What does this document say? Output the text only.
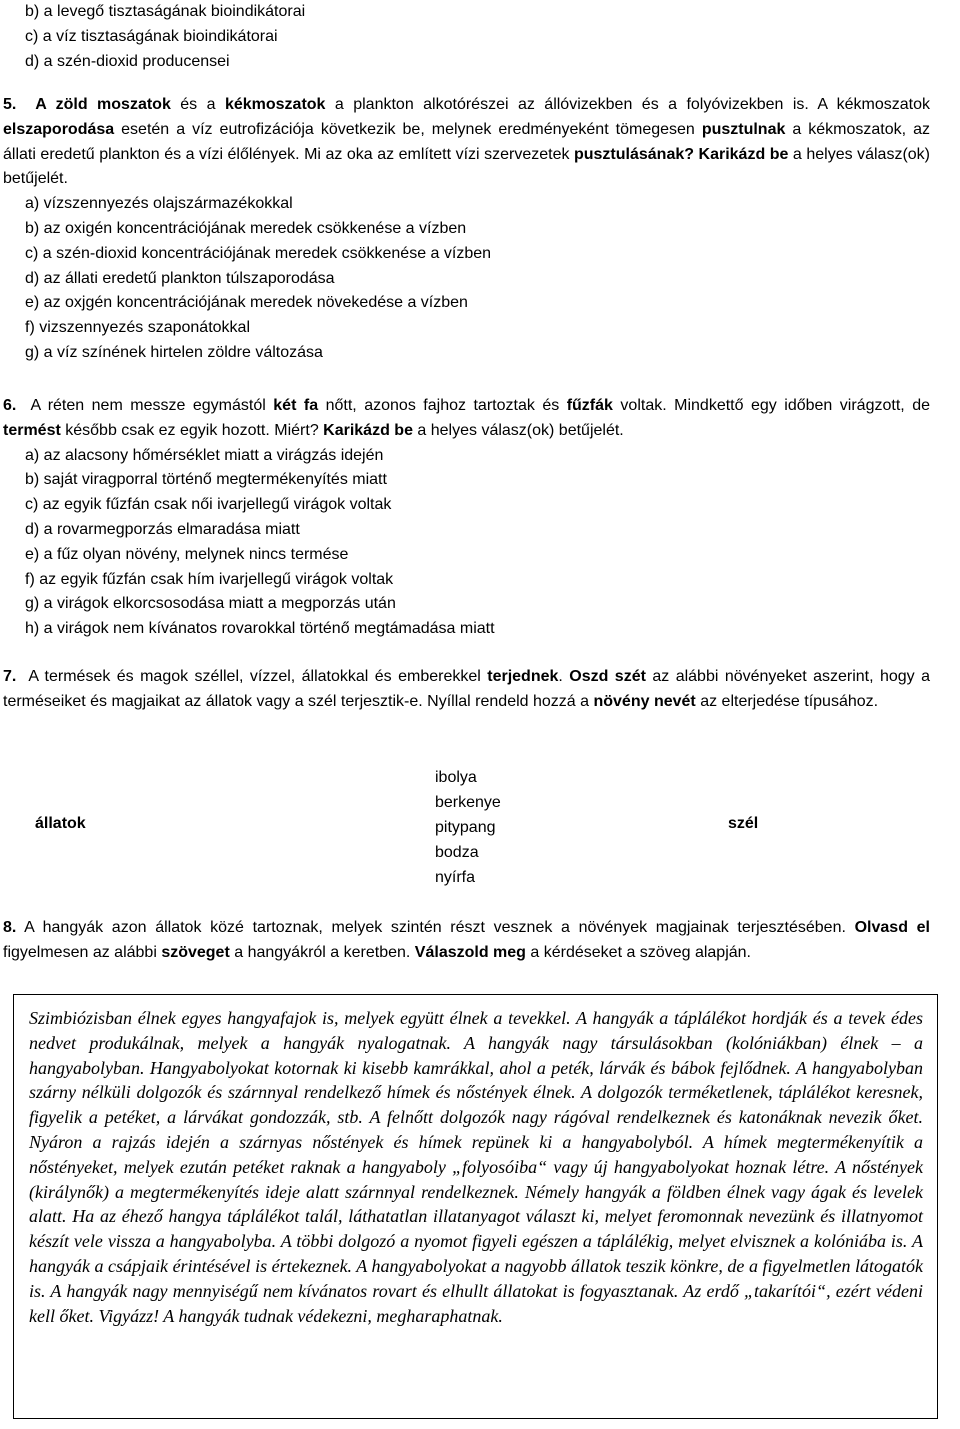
b) a levegő tisztaságának bioindikátorai
c) a víz tisztaságának bioindikátorai
d) a szén-dioxid producensei

5. A zöld moszatok és a kékmoszatok a plankton alkotórészei az állóvizekben és a folyóvizekben is. A kékmoszatok elszaporodása esetén a víz eutrofizációja következik be, melynek eredményeként tömegesen pusztulnak a kékmoszatok, az állati eredetű plankton és a vízi élőlények. Mi az oka az említett vízi szervezetek pusztulásának? Karikázd be a helyes válasz(ok) betűjelét.

a) vízszennyezés olajszármazékokkal
b) az oxigén koncentrációjának meredek csökkenése a vízben
c) a szén-dioxid koncentrációjának meredek csökkenése a vízben
d) az állati eredetű plankton túlszaporodása
e) az oxjgén koncentrációjának meredek növekedése a vízben
f) vizszennyezés szaponátokkal
g) a víz színének hirtelen zöldre változása

6. A réten nem messze egymástól két fa nőtt, azonos fajhoz tartoztak és fűzfák voltak. Mindkettő egy időben virágzott, de termést később csak ez egyik hozott. Miért? Karikázd be a helyes válasz(ok) betűjelét.

a) az alacsony hőmérséklet miatt a virágzás idején
b) saját viragporral történő megtermékenyítés miatt
c) az egyik fűzfán csak női ivarjellegű virágok voltak
d) a rovarmegporzás elmaradása miatt
e) a fűz olyan növény, melynek nincs termése
f) az egyik fűzfán csak hím ivarjellegű virágok voltak
g) a virágok elkorcsosodása miatt a megporzás után
h) a virágok nem kívánatos rovarokkal történő megtámadása miatt

7. A termések és magok széllel, vízzel, állatokkal és emberekkel terjednek. Oszd szét az alábbi növényeket aszerint, hogy a terméseiket és magjaikat az állatok vagy a szél terjesztik-e. Nyíllal rendeld hozzá a növény nevét az elterjedése típusához.

állatok
ibolya
berkenye
pitypang
bodza
nyírfa
szél

8. A hangyák azon állatok közé tartoznak, melyek szintén részt vesznek a növények magjainak terjesztésében. Olvasd el figyelmesen az alábbi szöveget a hangyákról a keretben. Válaszold meg a kérdéseket a szöveg alapján.

Szimbiózisban élnek egyes hangyafajok is, melyek együtt élnek a tevekkel. A hangyák a táplálékot hordják és a tevek édes nedvet produkálnak, melyek a hangyák nyalogatnak. A hangyák nagy társulásokban (kolóniákban) élnek – a hangyabolyban. Hangyabolyokat kotornak ki kisebb kamrákkal, ahol a peték, lárvák és bábok fejlődnek. A hangyabolyban szárny nélküli dolgozók és szárnnyal rendelkező hímek és nőstények élnek. A dolgozók terméketlenek, táplálékot keresnek, figyelik a petéket, a lárvákat gondozzák, stb. A felnőtt dolgozók nagy rágóval rendelkeznek és katonáknak nevezik őket. Nyáron a rajzás idején a szárnyas nőstények és hímek repünek ki a hangyabolyból. A hímek megtermékenyítik a nőstényeket, melyek ezután petéket raknak a hangyaboly „folyosóiba“ vagy új hangyabolyokat hoznak létre. A nőstények (királynők) a megtermékenyítés ideje alatt szárnnyal rendelkeznek. Némely hangyák a földben élnek vagy ágak és levelek alatt. Ha az éhező hangya táplálékot talál, láthatatlan illatanyagot választ ki, melyet feromonnak nevezünk és illatnyomot készít vele vissza a hangyabolyba. A többi dolgozó a nyomot figyeli egészen a táplálékig, melyet elvisznek a kolóniába is. A hangyák a csápjaik érintésével is értekeznek. A hangyabolyokat a nagyobb állatok teszik könkre, de a figyelmetlen látogatók is. A hangyák nagy mennyiségű nem kívánatos rovart és elhullt állatokat is fogyasztanak. Az erdő „takarítói“, ezért védeni kell őket. Vigyázz! A hangyák tudnak védekezni, megharaphatnak.
